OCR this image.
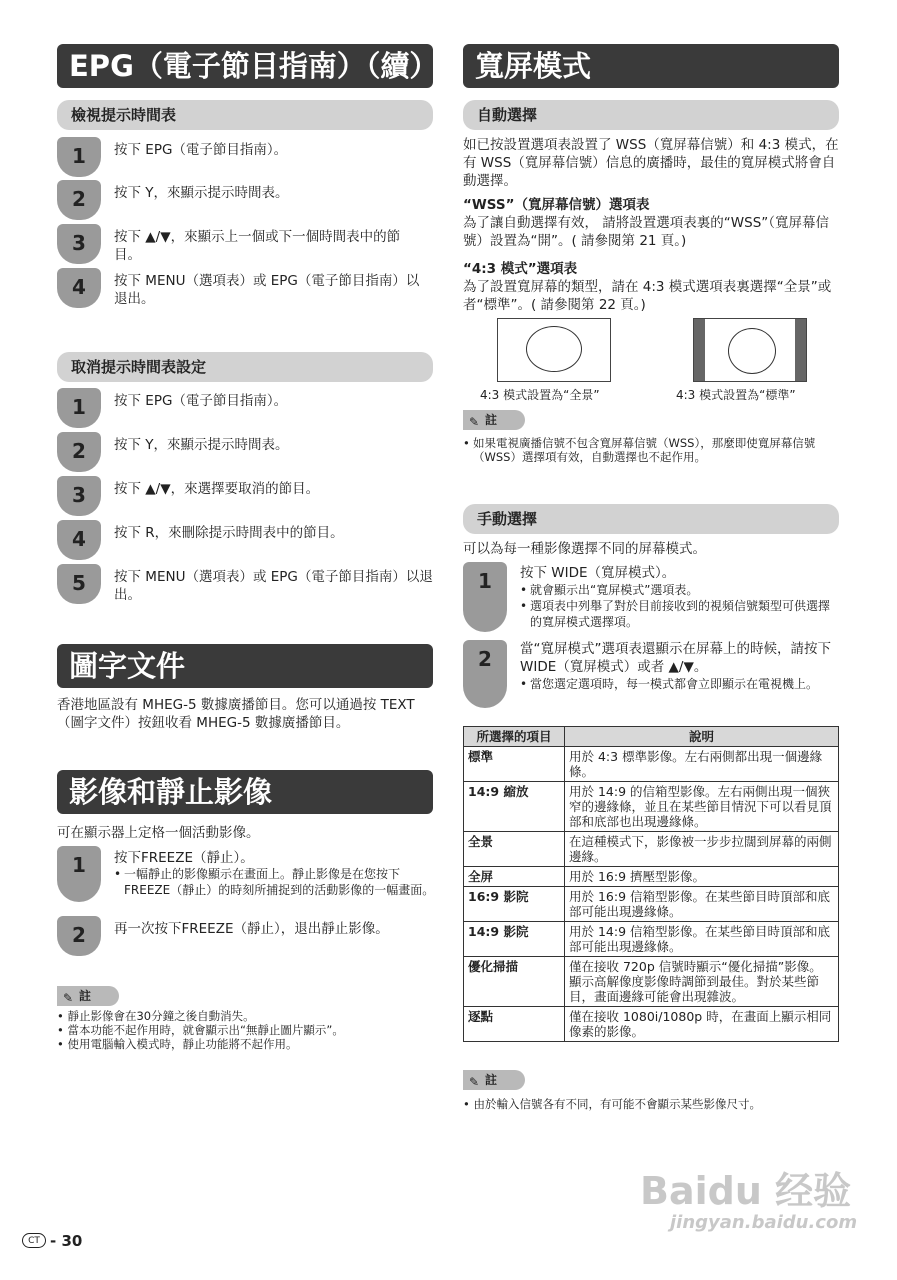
EPG（電子節目指南）（續）
檢視提示時間表
1	按下 EPG（電子節目指南）。
2	按下 Y，來顯示提示時間表。
3	按下 ▲/▼，來顯示上一個或下一個時間表中的節目。
4	按下 MENU（選項表）或 EPG（電子節目指南）以退出。
取消提示時間表設定
1	按下 EPG（電子節目指南）。
2	按下 Y，來顯示提示時間表。
3	按下 ▲/▼，來選擇要取消的節目。
4	按下 R，來刪除提示時間表中的節目。
5	按下 MENU（選項表）或 EPG（電子節目指南）以退出。
圖字文件
香港地區設有 MHEG-5 數據廣播節目。您可以通過按 TEXT（圖字文件）按鈕收看 MHEG-5 數據廣播節目。
影像和靜止影像
可在顯示器上定格一個活動影像。
1	按下FREEZE（靜止）。
• 一幅靜止的影像顯示在畫面上。靜止影像是在您按下FREEZE（靜止）的時刻所捕捉到的活動影像的一幅畫面。
2	再一次按下FREEZE（靜止），退出靜止影像。
✎ 註
• 靜止影像會在30分鐘之後自動消失。
• 當本功能不起作用時，就會顯示出“無靜止圖片顯示”。
• 使用電腦輸入模式時，靜止功能將不起作用。
CT - 30
寬屏模式
自動選擇
如已按設置選項表設置了 WSS（寬屏幕信號）和 4:3 模式，在有 WSS（寬屏幕信號）信息的廣播時，最佳的寬屏模式將會自動選擇。
“WSS”（寬屏幕信號）選項表
為了讓自動選擇有效， 請將設置選項表裏的“WSS”（寬屏幕信號）設置為“開”。( 請參閱第 21 頁。)
“4:3 模式”選項表
為了設置寬屏幕的類型，請在 4:3 模式選項表裏選擇“全景”或者“標準”。( 請參閱第 22 頁。)
4:3 模式設置為“全景”	4:3 模式設置為“標準”
✎ 註
• 如果電視廣播信號不包含寬屏幕信號（WSS），那麼即使寬屏幕信號（WSS）選擇項有效，自動選擇也不起作用。
手動選擇
可以為每一種影像選擇不同的屏幕模式。
1	按下 WIDE（寬屏模式）。
• 就會顯示出“寬屏模式”選項表。
• 選項表中列舉了對於目前接收到的視頻信號類型可供選擇的寬屏模式選擇項。
2	當“寬屏模式”選項表還顯示在屏幕上的時候，請按下 WIDE（寬屏模式）或者 ▲/▼。
• 當您選定選項時，每一模式都會立即顯示在電視機上。
所選擇的項目	說明
標準	用於 4:3 標準影像。左右兩側都出現一個邊緣條。
14:9 縮放	用於 14:9 的信箱型影像。左右兩側出現一個狹窄的邊緣條，並且在某些節目情況下可以看見頂部和底部也出現邊緣條。
全景	在這種模式下，影像被一步步拉闊到屏幕的兩側邊緣。
全屏	用於 16:9 擠壓型影像。
16:9 影院	用於 16:9 信箱型影像。在某些節目時頂部和底部可能出現邊緣條。
14:9 影院	用於 14:9 信箱型影像。在某些節目時頂部和底部可能出現邊緣條。
優化掃描	僅在接收 720p 信號時顯示“優化掃描”影像。顯示高解像度影像時調節到最佳。對於某些節目，畫面邊緣可能會出現雜波。
逐點	僅在接收 1080i/1080p 時，在畫面上顯示相同像素的影像。
✎ 註
• 由於輸入信號各有不同，有可能不會顯示某些影像尺寸。
Baidu 经验
jingyan.baidu.com
